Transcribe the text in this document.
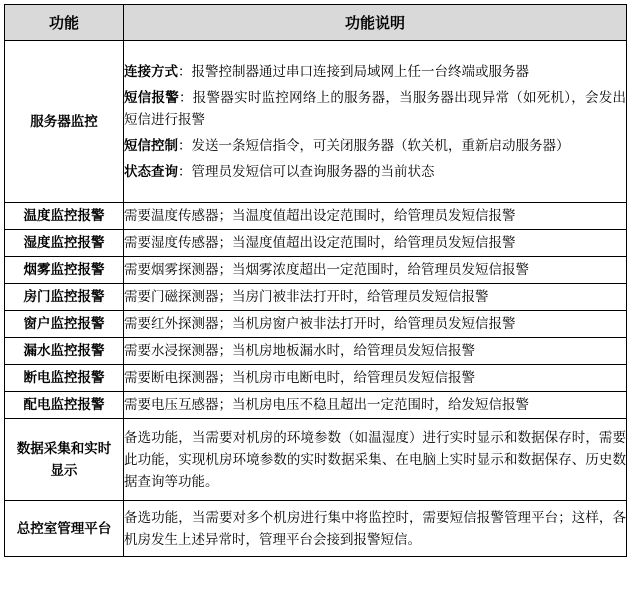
功能	功能说明
服务器监控	连接方式：报警控制器通过串口连接到局域网上任一台终端或服务器

短信报警：报警器实时监控网络上的服务器，当服务器出现异常（如死机），会发出短信进行报警

短信控制：发送一条短信指令，可关闭服务器（软关机，重新启动服务器）

状态查询：管理员发短信可以查询服务器的当前状态

温度监控报警	需要温度传感器；当温度值超出设定范围时，给管理员发短信报警
湿度监控报警	需要湿度传感器；当湿度值超出设定范围时，给管理员发短信报警
烟雾监控报警	需要烟雾探测器；当烟雾浓度超出一定范围时，给管理员发短信报警
房门监控报警	需要门磁探测器；当房门被非法打开时，给管理员发短信报警
窗户监控报警	需要红外探测器；当机房窗户被非法打开时，给管理员发短信报警
漏水监控报警	需要水浸探测器；当机房地板漏水时，给管理员发短信报警
断电监控报警	需要断电探测器；当机房市电断电时，给管理员发短信报警
配电监控报警	需要电压互感器；当机房电压不稳且超出一定范围时，给发短信报警

数据采集和实时
显示	备选功能，当需要对机房的环境参数（如温湿度）进行实时显示和数据保存时，需要此功能，实现机房环境参数的实时数据采集、在电脑上实时显示和数据保存、历史数据查询等功能。
总控室管理平台	备选功能，当需要对多个机房进行集中将监控时，需要短信报警管理平台；这样，各机房发生上述异常时，管理平台会接到报警短信。
